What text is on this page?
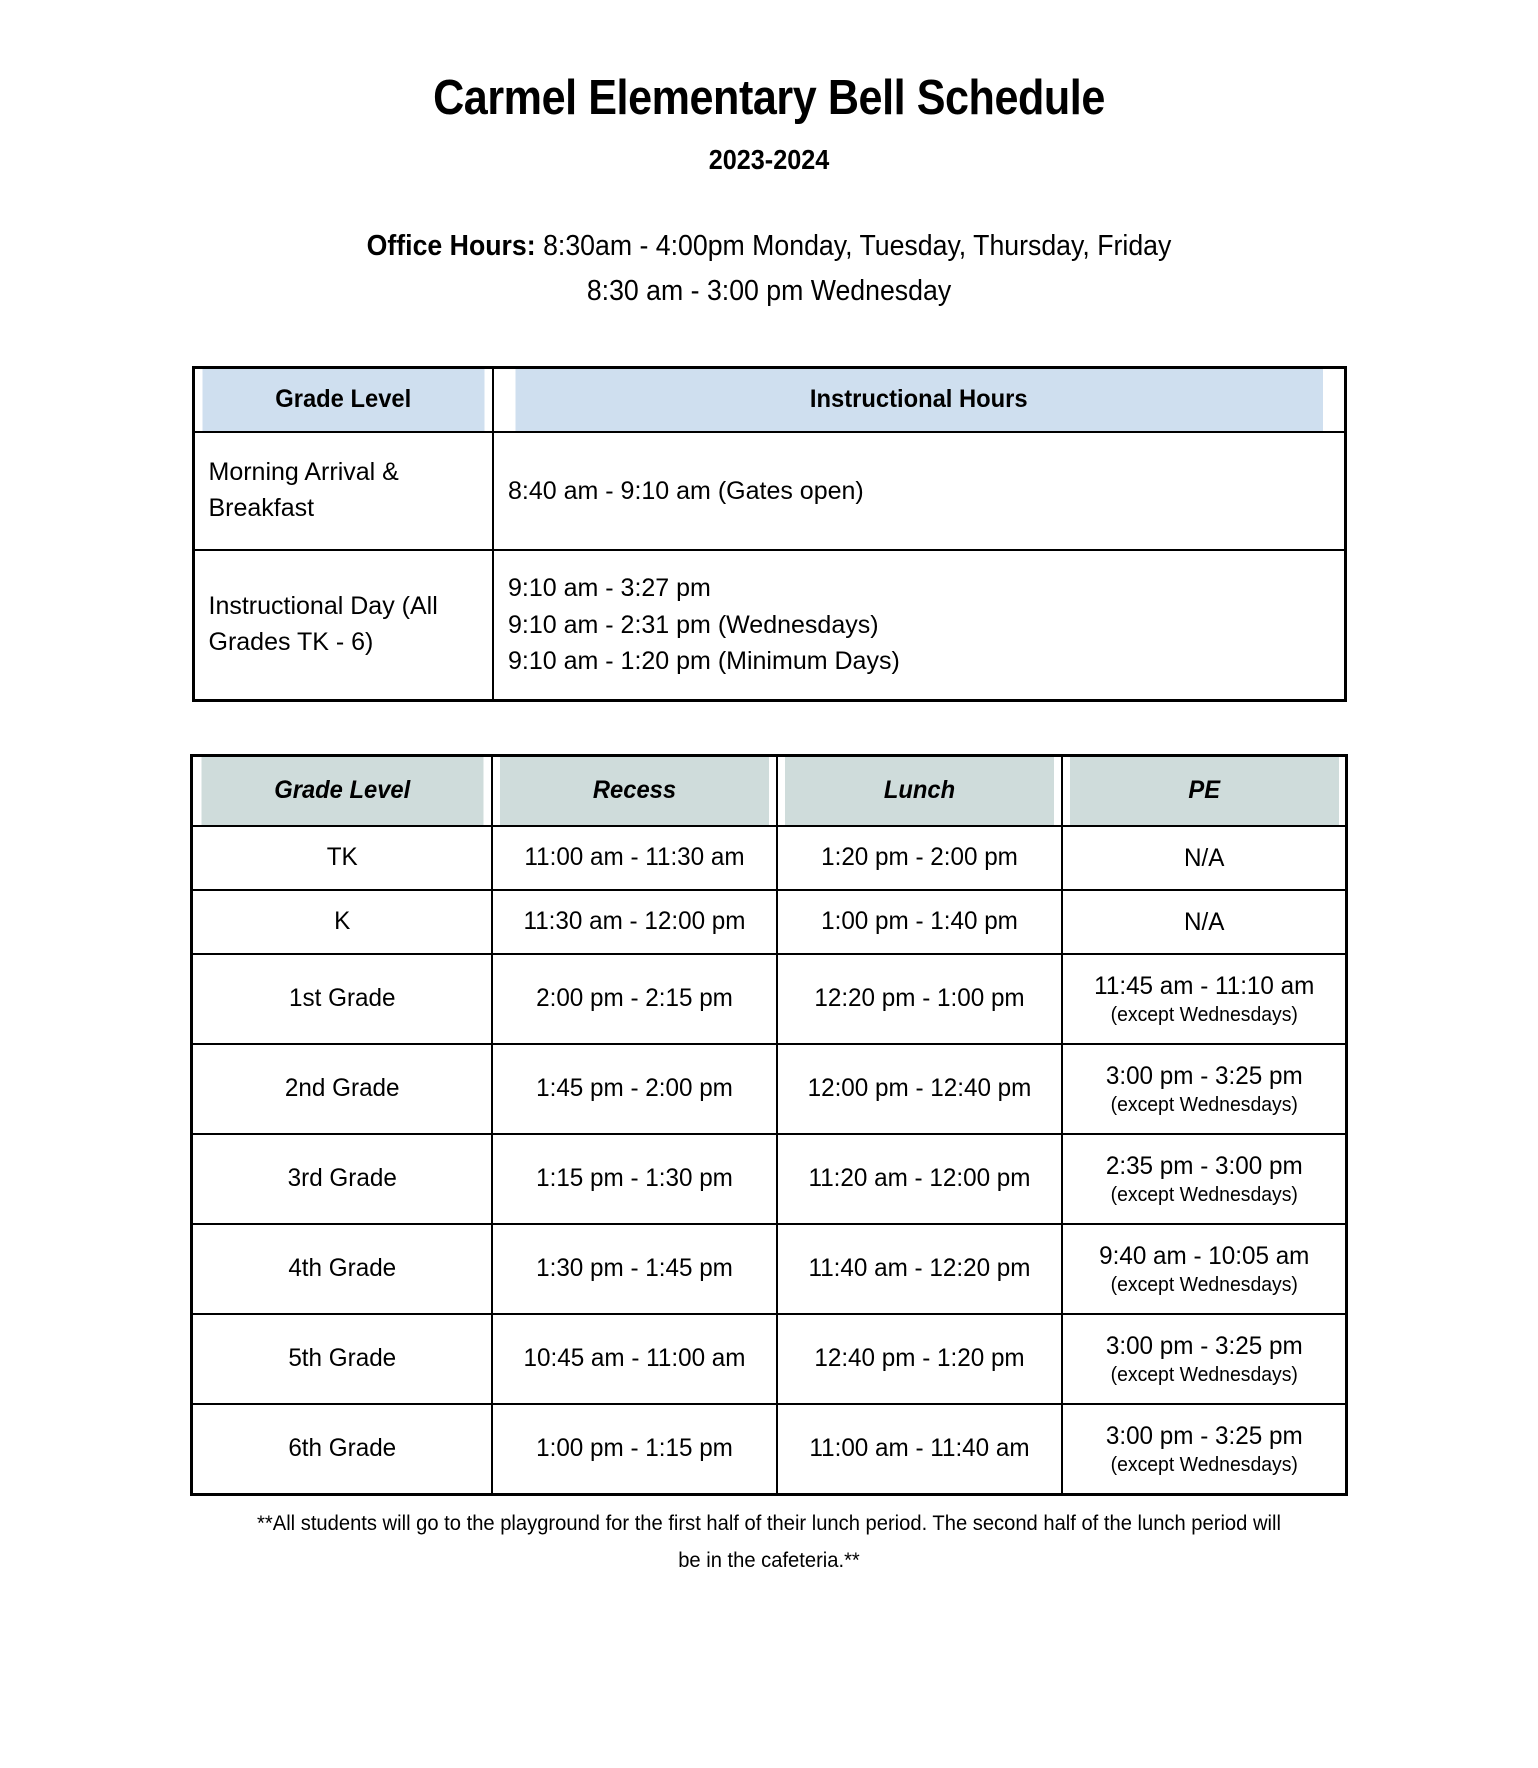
Carmel Elementary Bell Schedule
2023-2024

Office Hours: 8:30am - 4:00pm Monday, Tuesday, Thursday, Friday
8:30 am - 3:00 pm Wednesday

Grade Level	Instructional Hours
Morning Arrival & Breakfast	8:40 am - 9:10 am (Gates open)
Instructional Day (All Grades TK - 6)	9:10 am - 3:27 pm
9:10 am - 2:31 pm (Wednesdays)
9:10 am - 1:20 pm (Minimum Days)
Grade Level	Recess	Lunch	PE
TK	11:00 am - 11:30 am	1:20 pm - 2:00 pm	N/A

K	11:30 am - 12:00 pm	1:00 pm - 1:40 pm	N/A

1st Grade	2:00 pm - 2:15 pm	12:20 pm - 1:00 pm	11:45 am - 11:10 am
(except Wednesdays)

2nd Grade	1:45 pm - 2:00 pm	12:00 pm - 12:40 pm	3:00 pm - 3:25 pm
(except Wednesdays)

3rd Grade	1:15 pm - 1:30 pm	11:20 am - 12:00 pm	2:35 pm - 3:00 pm
(except Wednesdays)

4th Grade	1:30 pm - 1:45 pm	11:40 am - 12:20 pm	9:40 am - 10:05 am
(except Wednesdays)

5th Grade	10:45 am - 11:00 am	12:40 pm - 1:20 pm	3:00 pm - 3:25 pm
(except Wednesdays)

6th Grade	1:00 pm - 1:15 pm	11:00 am - 11:40 am	3:00 pm - 3:25 pm
(except Wednesdays)

**All students will go to the playground for the first half of their lunch period. The second half of the lunch period will
be in the cafeteria.**
